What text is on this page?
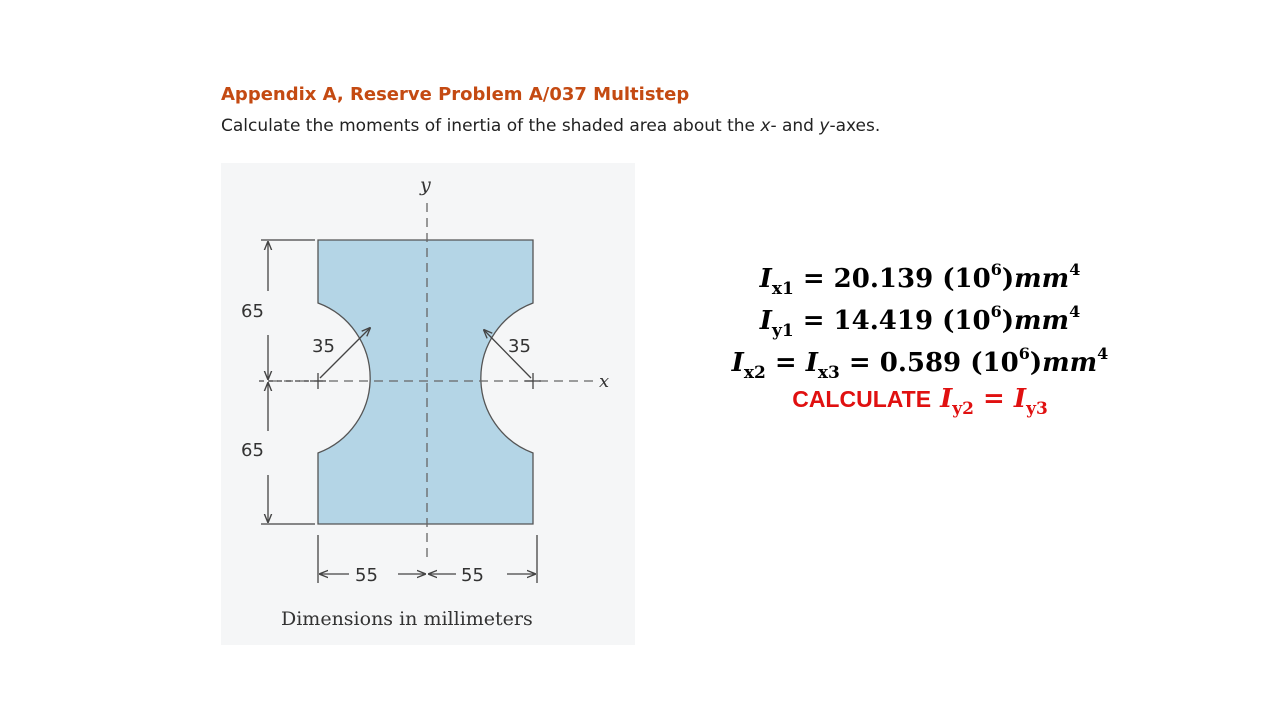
Appendix A, Reserve Problem A/037 Multistep
Calculate the moments of inertia of the shaded area about the x- and y-axes.
y
x
35	35
65
65
55	55
Dimensions in millimeters
$I_{x1} = 20.139$ $(10^6)mm^4$
$I_{y1} = 14.419$ $(10^6)mm^4$
$I_{x2} = I_{x3} = 0.589$ $(10^6)mm^4$
CALCULATE $I_{y2} = I_{y3}$
